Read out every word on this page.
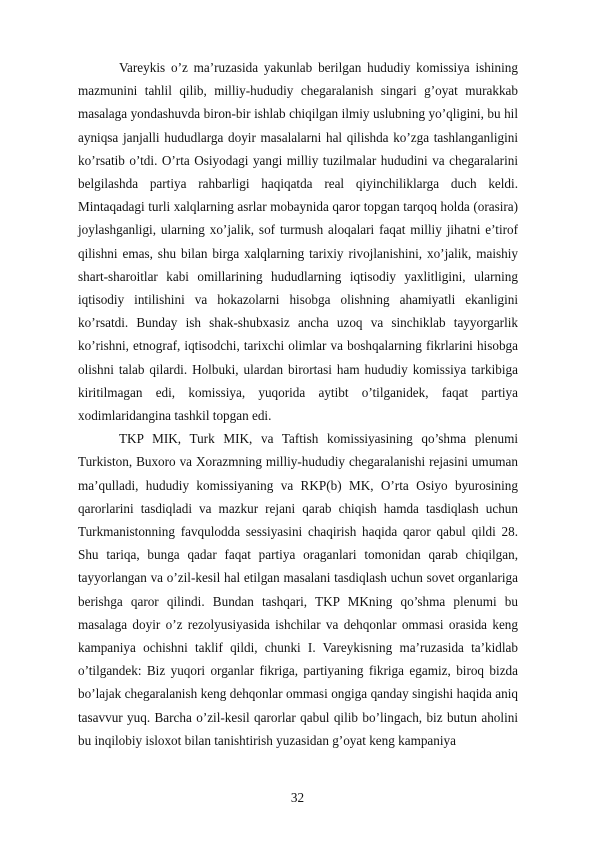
Vareykis o’z ma’ruzasida yakunlab berilgan hududiy komissiya ishining mazmunini tahlil qilib, milliy-hududiy chegaralanish singari g’oyat murakkab masalaga yondashuvda biron-bir ishlab chiqilgan ilmiy uslubning yo’qligini, bu hil ayniqsa janjalli hududlarga doyir masalalarni hal qilishda ko’zga tashlanganligini ko’rsatib o’tdi. O’rta Osiyodagi yangi milliy tuzilmalar hududini va chegaralarini belgilashda partiya rahbarligi haqiqatda real qiyinchiliklarga duch keldi. Mintaqadagi turli xalqlarning asrlar mobaynida qaror topgan tarqoq holda (orasira) joylashganligi, ularning xo’jalik, sof turmush aloqalari faqat milliy jihatni e’tirof qilishni emas, shu bilan birga xalqlarning tarixiy rivojlanishini, xo’jalik, maishiy shart-sharoitlar kabi omillarining hududlarning iqtisodiy yaxlitligini, ularning iqtisodiy intilishini va hokazolarni hisobga olishning ahamiyatli ekanligini ko’rsatdi. Bunday ish shak-shubxasiz ancha uzoq va sinchiklab tayyorgarlik ko’rishni, etnograf, iqtisodchi, tarixchi olimlar va boshqalarning fikrlarini hisobga olishni talab qilardi. Holbuki, ulardan birortasi ham hududiy komissiya tarkibiga kiritilmagan edi, komissiya, yuqorida aytibt o’tilganidek, faqat partiya xodimlaridangina tashkil topgan edi.

TKP MIK, Turk MIK, va Taftish komissiyasining qo’shma plenumi Turkiston, Buxoro va Xorazmning milliy-hududiy chegaralanishi rejasini umuman ma’qulladi, hududiy komissiyaning va RKP(b) MK, O’rta Osiyo byurosining qarorlarini tasdiqladi va mazkur rejani qarab chiqish hamda tasdiqlash uchun Turkmanistonning favqulodda sessiyasini chaqirish haqida qaror qabul qildi 28. Shu tariqa, bunga qadar faqat partiya oraganlari tomonidan qarab chiqilgan, tayyorlangan va o’zil-kesil hal etilgan masalani tasdiqlash uchun sovet organlariga berishga qaror qilindi. Bundan tashqari, TKP MKning qo’shma plenumi bu masalaga doyir o’z rezolyusiyasida ishchilar va dehqonlar ommasi orasida keng kampaniya ochishni taklif qildi, chunki I. Vareykisning ma’ruzasida ta’kidlab o’tilgandek: Biz yuqori organlar fikriga, partiyaning fikriga egamiz, biroq bizda bo’lajak chegaralanish keng dehqonlar ommasi ongiga qanday singishi haqida aniq tasavvur yuq. Barcha o’zil-kesil qarorlar qabul qilib bo’lingach, biz butun aholini bu inqilobiy isloxot bilan tanishtirish yuzasidan g’oyat keng kampaniya

32
